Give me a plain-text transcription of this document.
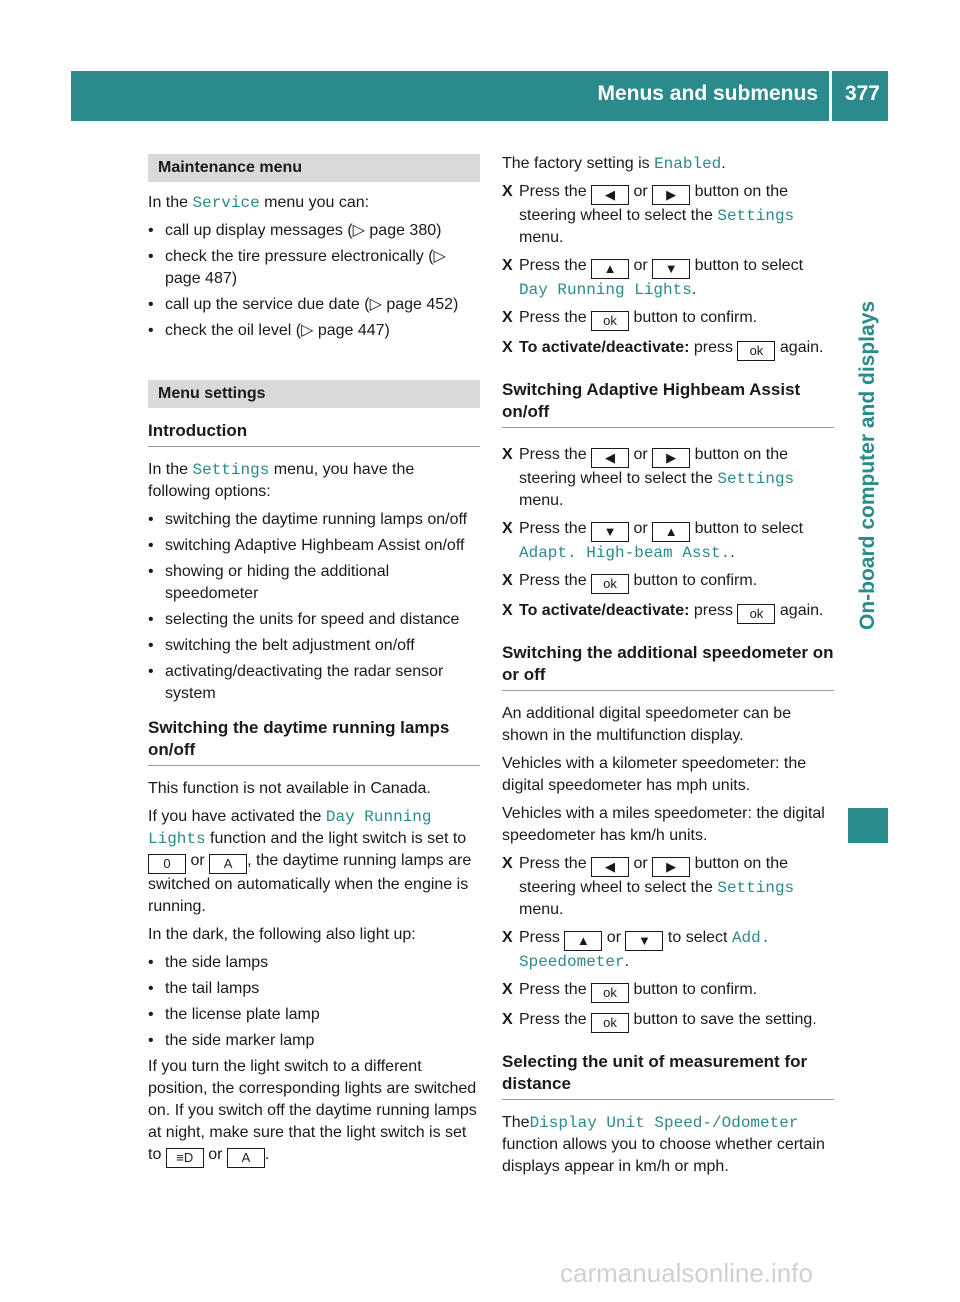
Menus and submenus 377
On-board computer and displays
Maintenance menu

In the Service menu you can:

• call up display messages (▷ page 380)
• check the tire pressure electronically (▷ page 487)
• call up the service due date (▷ page 452)
• check the oil level (▷ page 447)
Menu settings
Introduction

In the Settings menu, you have the following options:

• switching the daytime running lamps on/off
• switching Adaptive Highbeam Assist on/off
• showing or hiding the additional speedometer
• selecting the units for speed and distance
• switching the belt adjustment on/off
• activating/deactivating the radar sensor system
Switching the daytime running lamps on/off

This function is not available in Canada.

If you have activated the Day Running Lights function and the light switch is set to 0 or A , the daytime running lamps are switched on automatically when the engine is running.

In the dark, the following also light up:

• the side lamps
• the tail lamps
• the license plate lamp
• the side marker lamp

If you turn the light switch to a different position, the corresponding lights are switched on. If you switch off the daytime running lamps at night, make sure that the light switch is set to ≡D or A .

The factory setting is Enabled.

X Press the ◀ or ▶ button on the steering wheel to select the Settings menu.
X Press the ▲ or ▼ button to select Day Running Lights.
X Press the ok button to confirm.
X To activate/deactivate: press ok again.
Switching Adaptive Highbeam Assist on/off
X Press the ◀ or ▶ button on the steering wheel to select the Settings menu.
X Press the ▼ or ▲ button to select Adapt. High-beam Asst..
X Press the ok button to confirm.
X To activate/deactivate: press ok again.
Switching the additional speedometer on or off

An additional digital speedometer can be shown in the multifunction display.

Vehicles with a kilometer speedometer: the digital speedometer has mph units.

Vehicles with a miles speedometer: the digital speedometer has km/h units.

X Press the ◀ or ▶ button on the steering wheel to select the Settings menu.
X Press ▲ or ▼ to select Add. Speedometer.
X Press the ok button to confirm.
X Press the ok button to save the setting.
Selecting the unit of measurement for distance

TheDisplay Unit Speed-/Odometer function allows you to choose whether certain displays appear in km/h or mph.

carmanualsonline.info
